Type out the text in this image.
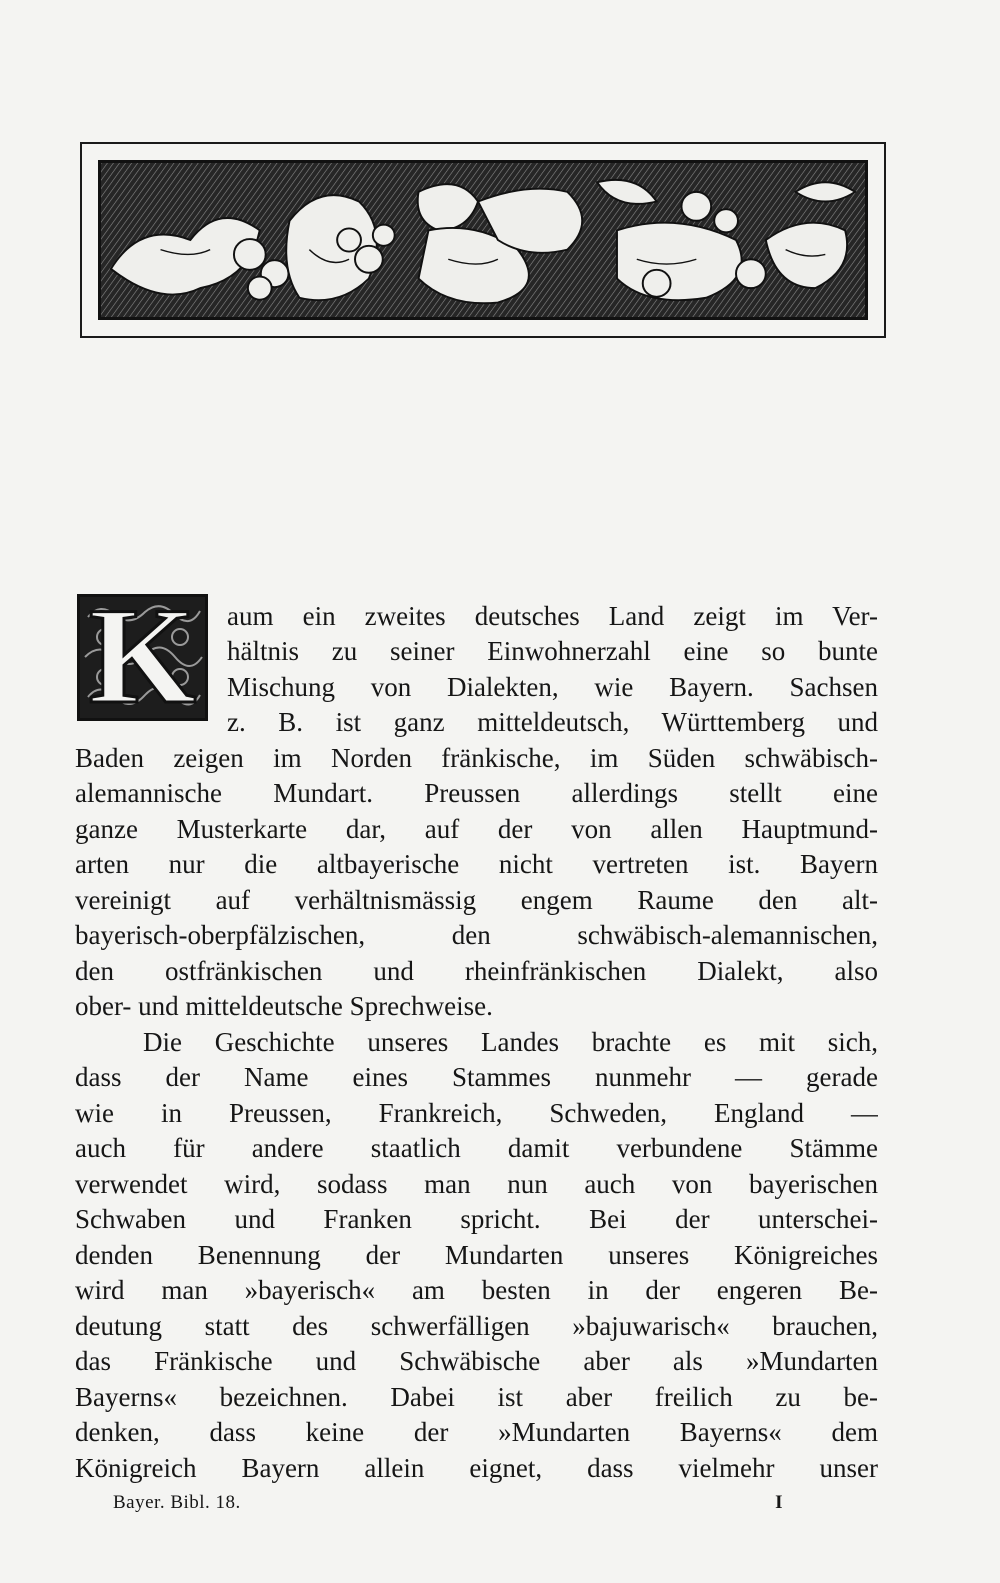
K	aum ein zweites deutsches Land zeigt im Ver-
hältnis zu seiner Einwohnerzahl eine so bunte
Mischung von Dialekten, wie Bayern. Sachsen
z. B. ist ganz mitteldeutsch, Württemberg und
Baden zeigen im Norden fränkische, im Süden schwäbisch-
alemannische Mundart. Preussen allerdings stellt eine
ganze Musterkarte dar, auf der von allen Hauptmund-
arten nur die altbayerische nicht vertreten ist. Bayern
vereinigt auf verhältnismässig engem Raume den alt-
bayerisch-oberpfälzischen, den schwäbisch-alemannischen,
den ostfränkischen und rheinfränkischen Dialekt, also
ober- und mitteldeutsche Sprechweise.
Die Geschichte unseres Landes brachte es mit sich,
dass der Name eines Stammes nunmehr — gerade
wie in Preussen, Frankreich, Schweden, England —
auch für andere staatlich damit verbundene Stämme
verwendet wird, sodass man nun auch von bayerischen
Schwaben und Franken spricht. Bei der unterschei-
denden Benennung der Mundarten unseres Königreiches
wird man »bayerisch« am besten in der engeren Be-
deutung statt des schwerfälligen »bajuwarisch« brauchen,
das Fränkische und Schwäbische aber als »Mundarten
Bayerns« bezeichnen. Dabei ist aber freilich zu be-
denken, dass keine der »Mundarten Bayerns« dem
Königreich Bayern allein eignet, dass vielmehr unser
Bayer. Bibl. 18.	I
